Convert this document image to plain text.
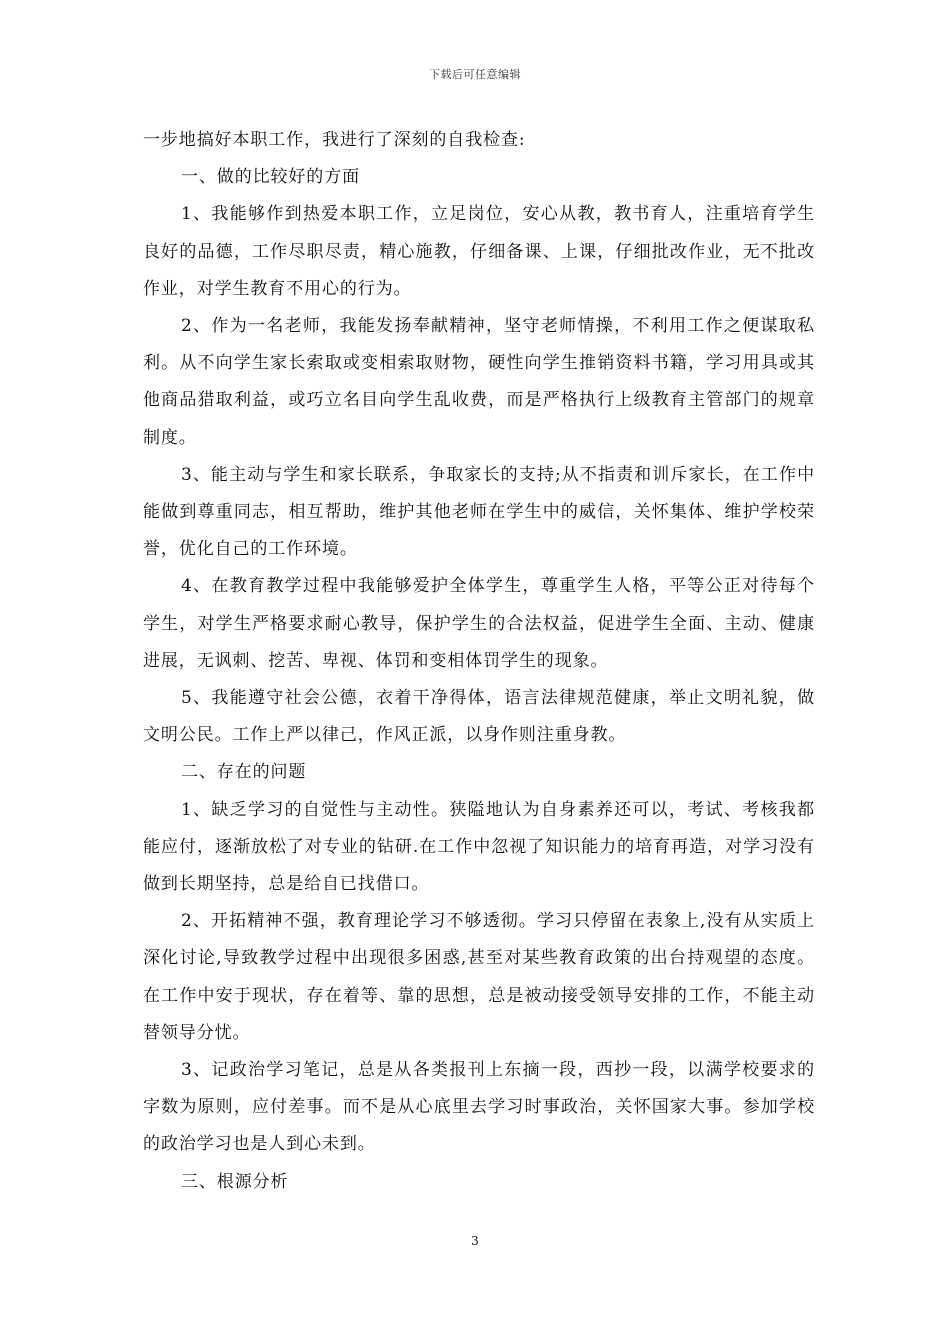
下载后可任意编辑

一步地搞好本职工作，我进行了深刻的自我检查:

一、做的比较好的方面

1、我能够作到热爱本职工作，立足岗位，安心从教，教书育人，注重培育学生良好的品德，工作尽职尽责，精心施教，仔细备课、上课，仔细批改作业，无不批改作业，对学生教育不用心的行为。

2、作为一名老师，我能发扬奉献精神，坚守老师情操，不利用工作之便谋取私利。从不向学生家长索取或变相索取财物，硬性向学生推销资料书籍，学习用具或其他商品猎取利益，或巧立名目向学生乱收费，而是严格执行上级教育主管部门的规章制度。

3、能主动与学生和家长联系，争取家长的支持;从不指责和训斥家长，在工作中能做到尊重同志，相互帮助，维护其他老师在学生中的威信，关怀集体、维护学校荣誉，优化自己的工作环境。

4、在教育教学过程中我能够爱护全体学生，尊重学生人格，平等公正对待每个学生，对学生严格要求耐心教导，保护学生的合法权益，促进学生全面、主动、健康进展，无讽刺、挖苦、卑视、体罚和变相体罚学生的现象。

5、我能遵守社会公德，衣着干净得体，语言法律规范健康，举止文明礼貌，做文明公民。工作上严以律己，作风正派，以身作则注重身教。

二、存在的问题

1、缺乏学习的自觉性与主动性。狭隘地认为自身素养还可以，考试、考核我都能应付，逐渐放松了对专业的钻研.在工作中忽视了知识能力的培育再造，对学习没有做到长期坚持，总是给自已找借口。

2、开拓精神不强，教育理论学习不够透彻。学习只停留在表象上,没有从实质上深化讨论,导致教学过程中出现很多困惑,甚至对某些教育政策的出台持观望的态度。在工作中安于现状，存在着等、靠的思想，总是被动接受领导安排的工作，不能主动替领导分忧。

3、记政治学习笔记，总是从各类报刊上东摘一段，西抄一段，以满学校要求的字数为原则，应付差事。而不是从心底里去学习时事政治，关怀国家大事。参加学校的政治学习也是人到心未到。

三、根源分析

3
